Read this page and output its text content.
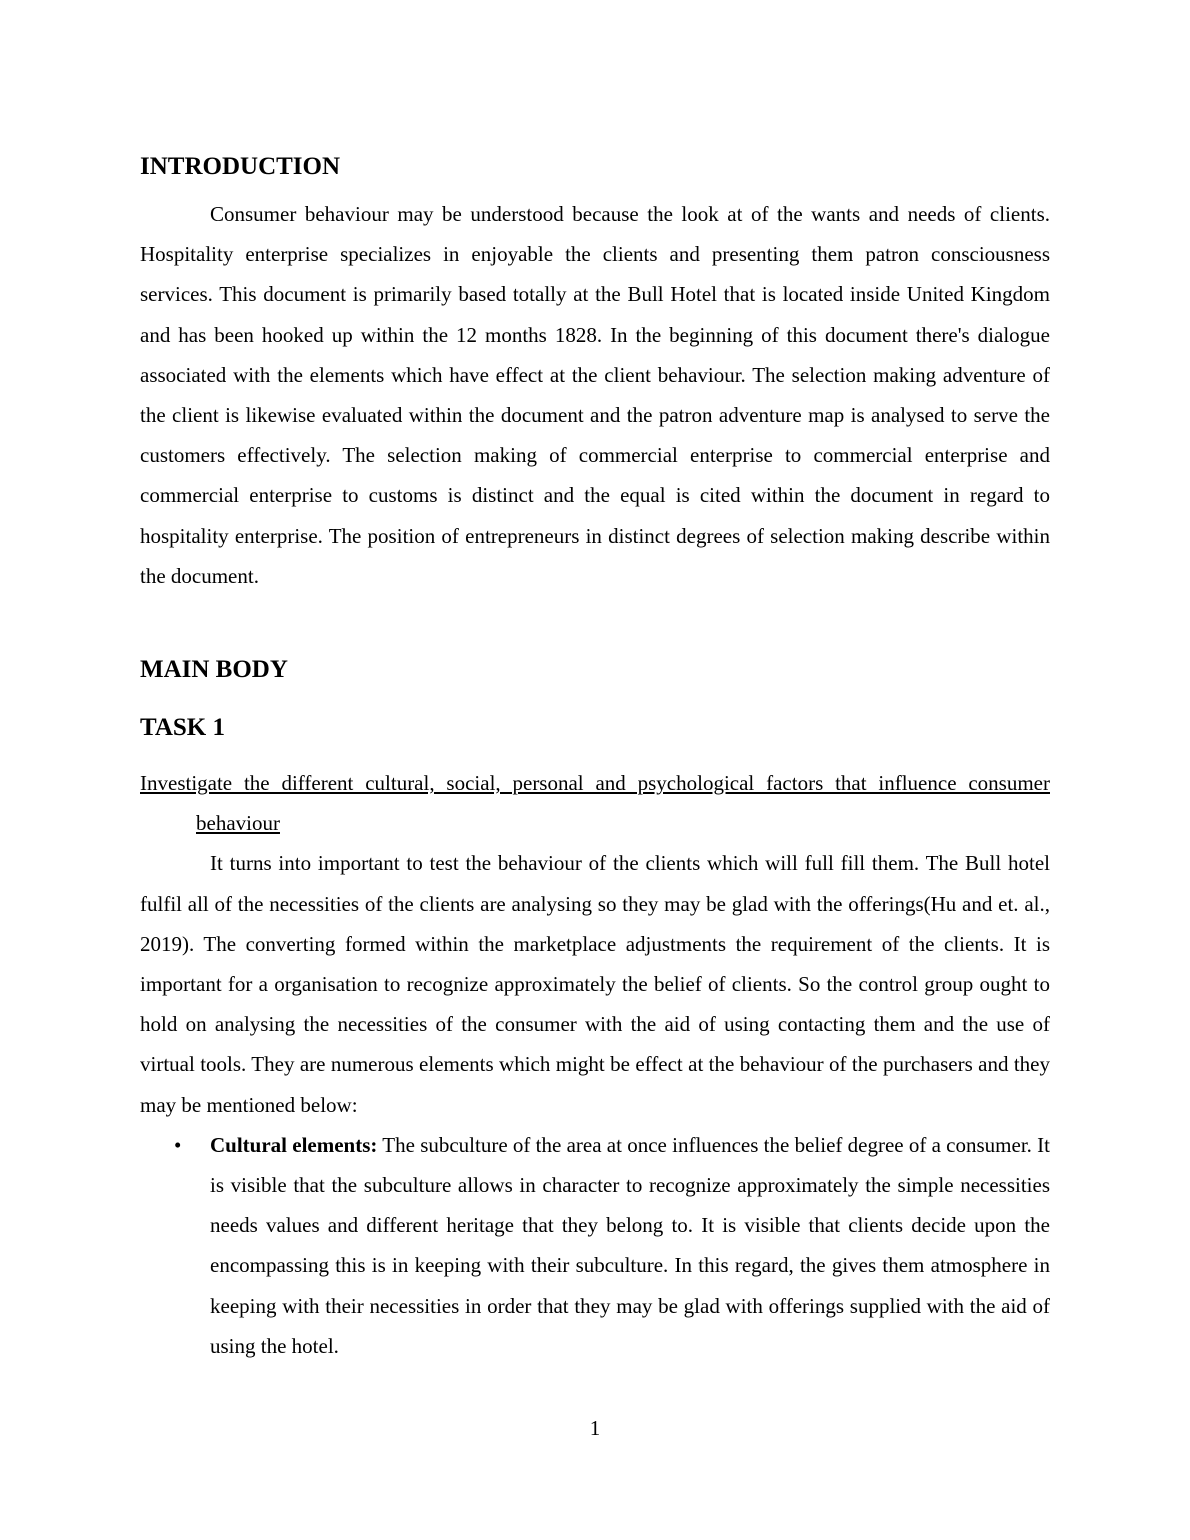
INTRODUCTION

Consumer behaviour may be understood because the look at of the wants and needs of clients. Hospitality enterprise specializes in enjoyable the clients and presenting them patron consciousness services. This document is primarily based totally at the Bull Hotel that is located inside United Kingdom and has been hooked up within the 12 months 1828. In the beginning of this document there's dialogue associated with the elements which have effect at the client behaviour. The selection making adventure of the client is likewise evaluated within the document and the patron adventure map is analysed to serve the customers effectively. The selection making of commercial enterprise to commercial enterprise and commercial enterprise to customs is distinct and the equal is cited within the document in regard to hospitality enterprise. The position of entrepreneurs in distinct degrees of selection making describe within the document.

MAIN BODY
TASK 1

Investigate the different cultural, social, personal and psychological factors that influence consumer behaviour

It turns into important to test the behaviour of the clients which will full fill them. The Bull hotel fulfil all of the necessities of the clients are analysing so they may be glad with the offerings(Hu and et. al., 2019). The converting formed within the marketplace adjustments the requirement of the clients. It is important for a organisation to recognize approximately the belief of clients. So the control group ought to hold on analysing the necessities of the consumer with the aid of using contacting them and the use of virtual tools. They are numerous elements which might be effect at the behaviour of the purchasers and they may be mentioned below:

• Cultural elements: The subculture of the area at once influences the belief degree of a consumer. It is visible that the subculture allows in character to recognize approximately the simple necessities needs values and different heritage that they belong to. It is visible that clients decide upon the encompassing this is in keeping with their subculture. In this regard, the gives them atmosphere in keeping with their necessities in order that they may be glad with offerings supplied with the aid of using the hotel.
1
